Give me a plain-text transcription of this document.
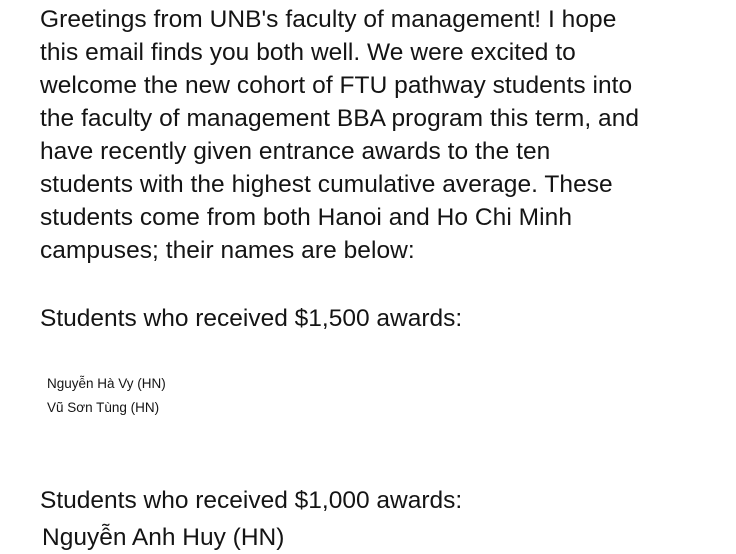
Greetings from UNB's faculty of management! I hope
this email finds you both well. We were excited to
welcome the new cohort of FTU pathway students into
the faculty of management BBA program this term, and
have recently given entrance awards to the ten
students with the highest cumulative average. These
students come from both Hanoi and Ho Chi Minh
campuses; their names are below:
Students who received $1,500 awards:
Nguyễn Hà Vy (HN)
Vũ Sơn Tùng (HN)
Students who received $1,000 awards:
Nguyễn Anh Huy (HN)
